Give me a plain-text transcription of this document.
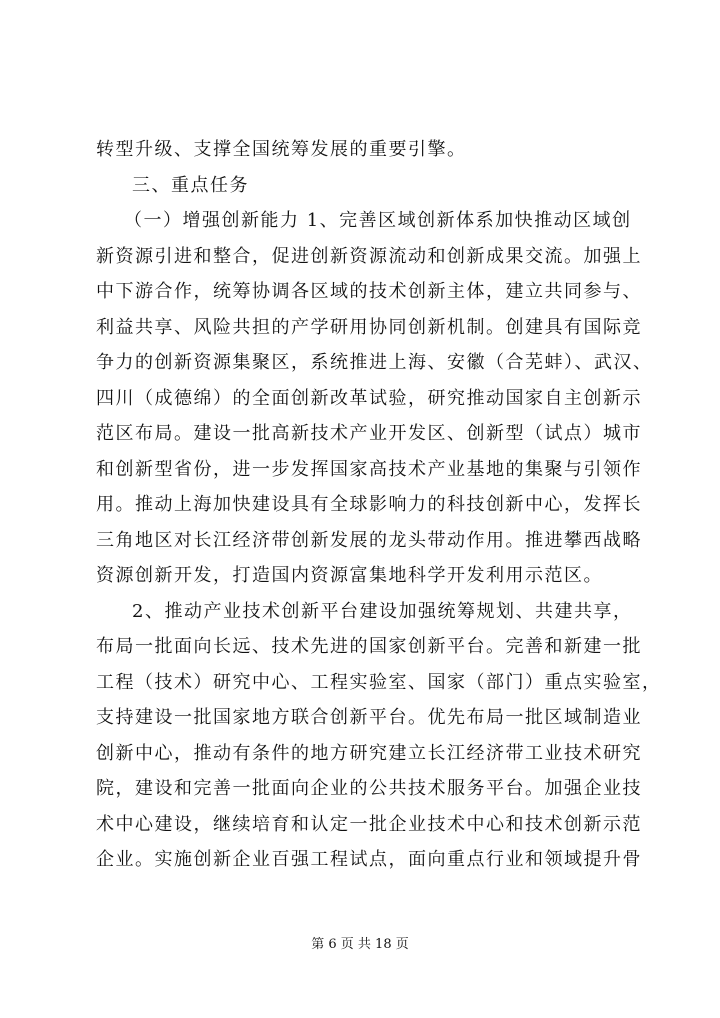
转型升级、支撑全国统筹发展的重要引擎。
三、重点任务
（一）增强创新能力 1、完善区域创新体系加快推动区域创
新资源引进和整合，促进创新资源流动和创新成果交流。加强上
中下游合作，统筹协调各区域的技术创新主体，建立共同参与、
利益共享、风险共担的产学研用协同创新机制。创建具有国际竞
争力的创新资源集聚区，系统推进上海、安徽（合芜蚌）、武汉、
四川（成德绵）的全面创新改革试验，研究推动国家自主创新示
范区布局。建设一批高新技术产业开发区、创新型（试点）城市
和创新型省份，进一步发挥国家高技术产业基地的集聚与引领作
用。推动上海加快建设具有全球影响力的科技创新中心，发挥长
三角地区对长江经济带创新发展的龙头带动作用。推进攀西战略
资源创新开发，打造国内资源富集地科学开发利用示范区。
2、推动产业技术创新平台建设加强统筹规划、共建共享，
布局一批面向长远、技术先进的国家创新平台。完善和新建一批
工程（技术）研究中心、工程实验室、国家（部门）重点实验室，
支持建设一批国家地方联合创新平台。优先布局一批区域制造业
创新中心，推动有条件的地方研究建立长江经济带工业技术研究
院，建设和完善一批面向企业的公共技术服务平台。加强企业技
术中心建设，继续培育和认定一批企业技术中心和技术创新示范
企业。实施创新企业百强工程试点，面向重点行业和领域提升骨
第 6 页 共 18 页
